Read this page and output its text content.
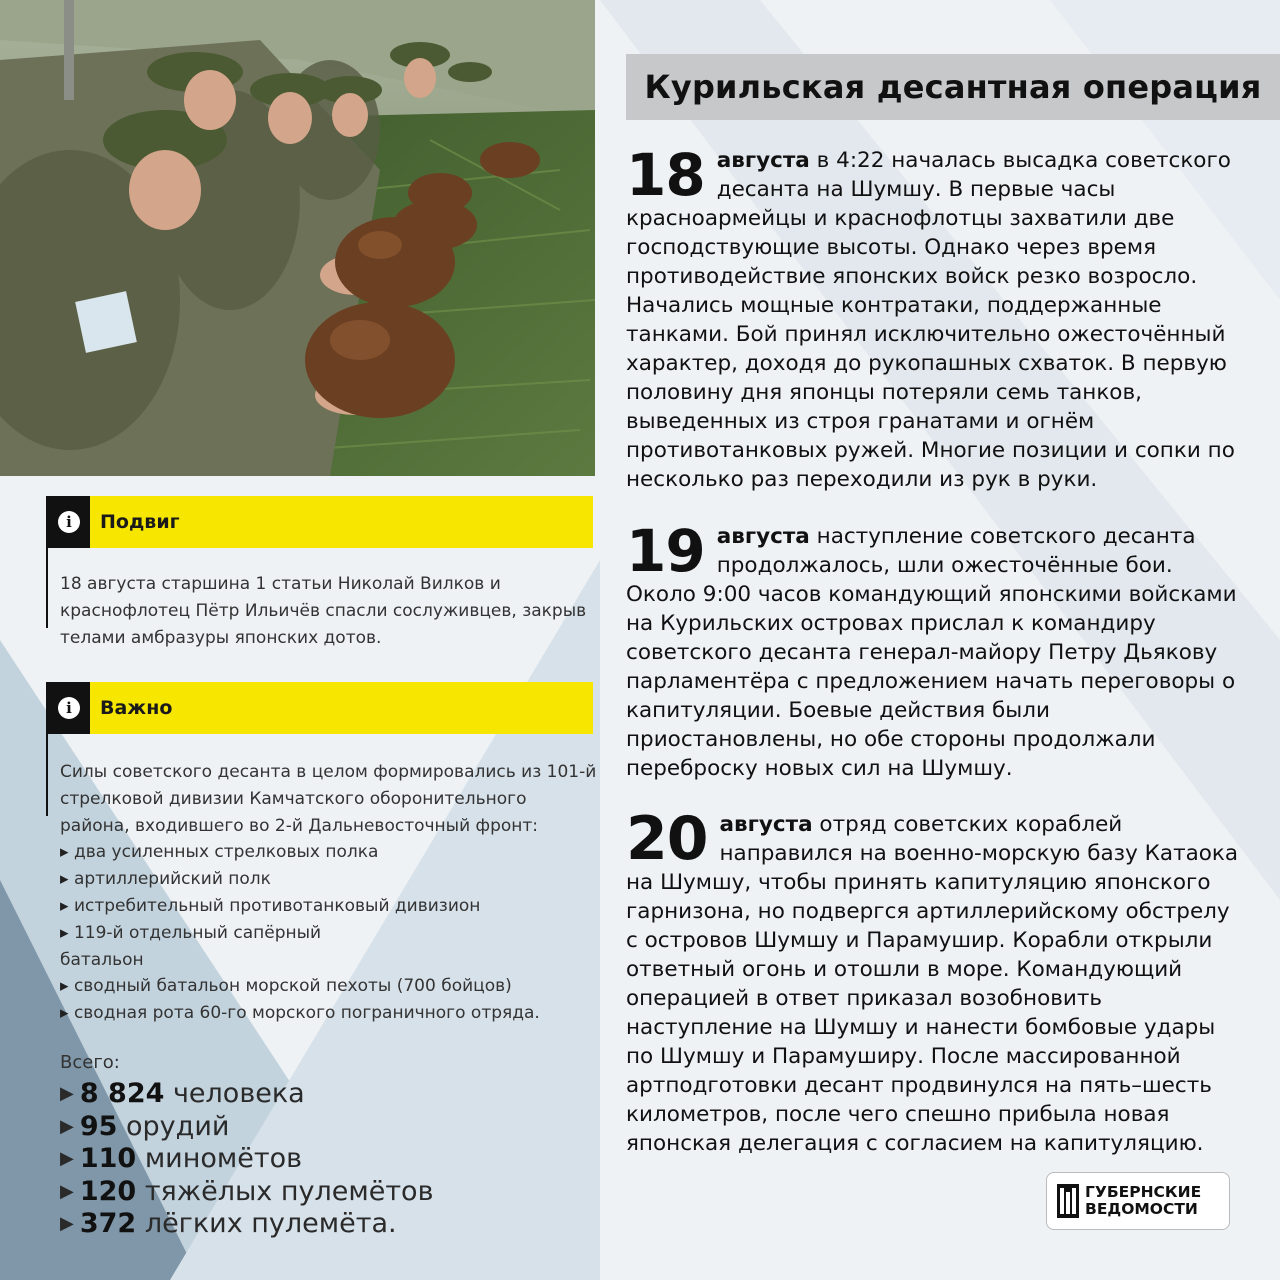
Курильская десантная операция
i	Подвиг
18 августа старшина 1 статьи Николай Вилков и краснофлотец Пётр Ильичёв спасли сослуживцев, закрыв телами амбразуры японских дотов.
i	Важно
Силы советского десанта в целом формировались из 101-й стрелковой дивизии Камчатского оборонительного района, входившего во 2-й Дальневосточный фронт:
▸ два усиленных стрелковых полка
▸ артиллерийский полк
▸ истребительный противотанковый дивизион
▸ 119-й отдельный сапёрный батальон
▸ сводный батальон морской пехоты (700 бойцов)
▸ сводная рота 60-го морского пограничного отряда.
Всего:
▶ 8 824 человека
▶ 95 орудий
▶ 110 миномётов
▶ 120 тяжёлых пулемётов
▶ 372 лёгких пулемёта.
18 августа в 4:22 началась высадка советского десанта на Шумшу. В первые часы красноармейцы и краснофлотцы захватили две господствующие высоты. Однако через время противодействие японских войск резко возросло. Начались мощные контратаки, поддержанные танками. Бой принял исключительно ожесточённый характер, доходя до рукопашных схваток. В первую половину дня японцы потеряли семь танков, выведенных из строя гранатами и огнём противотанковых ружей. Многие позиции и сопки по несколько раз переходили из рук в руки.
19 августа наступление советского десанта продолжалось, шли ожесточённые бои. Около 9:00 часов командующий японскими войсками на Курильских островах прислал к командиру советского десанта генерал-майору Петру Дьякову парламентёра с предложением начать переговоры о капитуляции. Боевые действия были приостановлены, но обе стороны продолжали переброску новых сил на Шумшу.
20 августа отряд советских кораблей направился на военно-морскую базу Катаока на Шумшу, чтобы принять капитуляцию японского гарнизона, но подвергся артиллерийскому обстрелу с островов Шумшу и Парамушир. Корабли открыли ответный огонь и отошли в море. Командующий операцией в ответ приказал возобновить наступление на Шумшу и нанести бомбовые удары по Шумшу и Парамуширу. После массированной артподготовки десант продвинулся на пять–шесть километров, после чего спешно прибыла новая японская делегация с согласием на капитуляцию.
ГУБЕРНСКИЕ
ВЕДОМОСТИ
